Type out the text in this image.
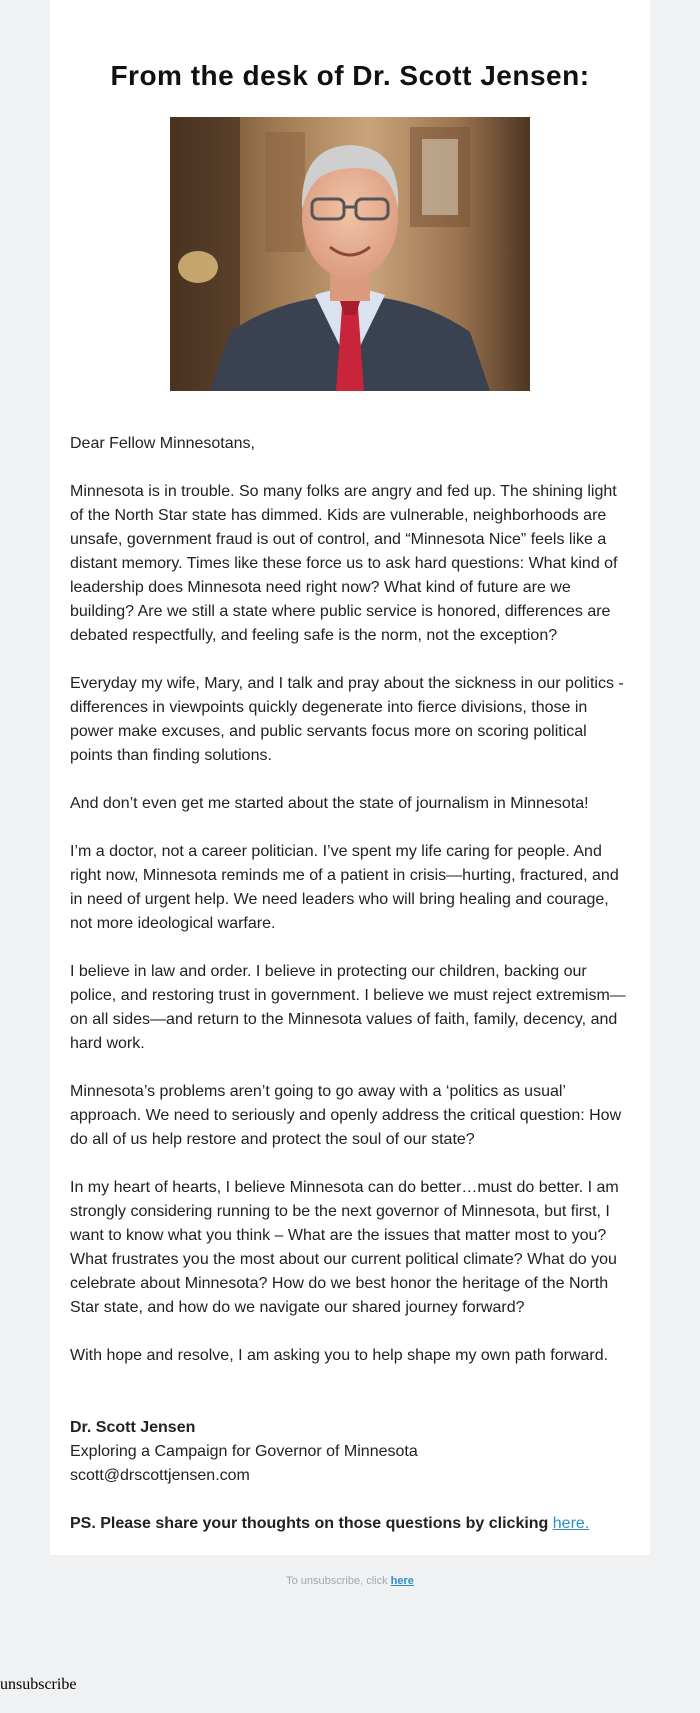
From the desk of Dr. Scott Jensen:

Dear Fellow Minnesotans,

Minnesota is in trouble. So many folks are angry and fed up. The shining light of the North Star state has dimmed. Kids are vulnerable, neighborhoods are unsafe, government fraud is out of control, and “Minnesota Nice” feels like a distant memory. Times like these force us to ask hard questions: What kind of leadership does Minnesota need right now? What kind of future are we building? Are we still a state where public service is honored, differences are debated respectfully, and feeling safe is the norm, not the exception?

Everyday my wife, Mary, and I talk and pray about the sickness in our politics - differences in viewpoints quickly degenerate into fierce divisions, those in power make excuses, and public servants focus more on scoring political points than finding solutions.

And don’t even get me started about the state of journalism in Minnesota!

I’m a doctor, not a career politician. I’ve spent my life caring for people. And right now, Minnesota reminds me of a patient in crisis—hurting, fractured, and in need of urgent help. We need leaders who will bring healing and courage, not more ideological warfare.

I believe in law and order. I believe in protecting our children, backing our police, and restoring trust in government. I believe we must reject extremism—on all sides—and return to the Minnesota values of faith, family, decency, and hard work.

Minnesota’s problems aren’t going to go away with a ‘politics as usual’ approach. We need to seriously and openly address the critical question: How do all of us help restore and protect the soul of our state?

In my heart of hearts, I believe Minnesota can do better…must do better. I am strongly considering running to be the next governor of Minnesota, but first, I want to know what you think – What are the issues that matter most to you? What frustrates you the most about our current political climate? What do you celebrate about Minnesota? How do we best honor the heritage of the North Star state, and how do we navigate our shared journey forward?

With hope and resolve, I am asking you to help shape my own path forward.

Dr. Scott Jensen
Exploring a Campaign for Governor of Minnesota
scott@drscottjensen.com
PS. Please share your thoughts on those questions by clicking here.
To unsubscribe, click here
unsubscribe
